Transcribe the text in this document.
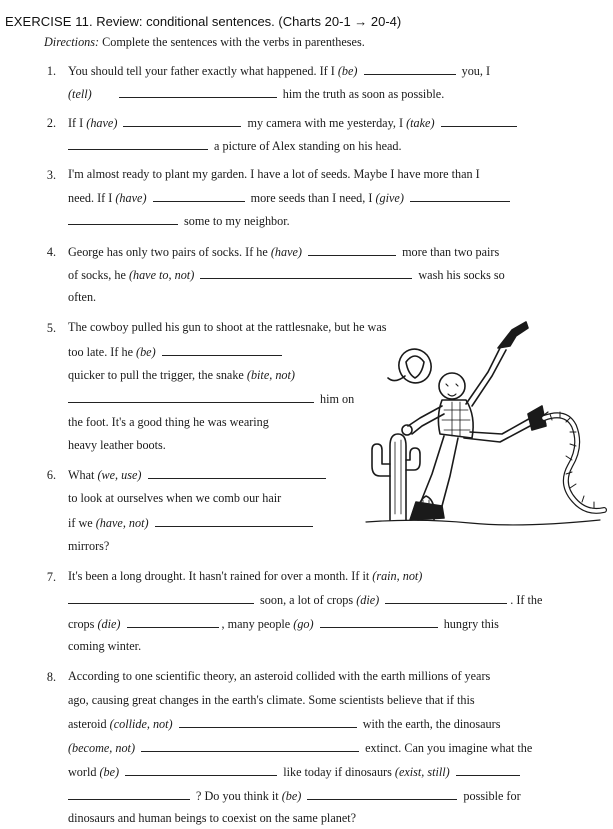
EXERCISE 11. Review: conditional sentences. (Charts 20-1 → 20-4)
Directions: Complete the sentences with the verbs in parentheses.
1. You should tell your father exactly what happened. If I (be)	you, I
(tell)	him the truth as soon as possible.
2. If I (have)	my camera with me yesterday, I (take)
a picture of Alex standing on his head.
3. I'm almost ready to plant my garden. I have a lot of seeds. Maybe I have more than I
need. If I (have)	more seeds than I need, I (give)
some to my neighbor.
4. George has only two pairs of socks. If he (have)	more than two pairs
of socks, he (have to, not)	wash his socks so
often.
5. The cowboy pulled his gun to shoot at the rattlesnake, but he was
too late. If he (be)
quicker to pull the trigger, the snake (bite, not)
him on
the foot. It's a good thing he was wearing
heavy leather boots.
6. What (we, use)
to look at ourselves when we comb our hair
if we (have, not)
mirrors?
7. It's been a long drought. It hasn't rained for over a month. If it (rain, not)
soon, a lot of crops (die)	. If the
crops (die)	, many people (go)	hungry this
coming winter.
8. According to one scientific theory, an asteroid collided with the earth millions of years
ago, causing great changes in the earth's climate. Some scientists believe that if this
asteroid (collide, not)	with the earth, the dinosaurs
(become, not)	extinct. Can you imagine what the
world (be)	like today if dinosaurs (exist, still)
? Do you think it (be)	possible for
dinosaurs and human beings to coexist on the same planet?
